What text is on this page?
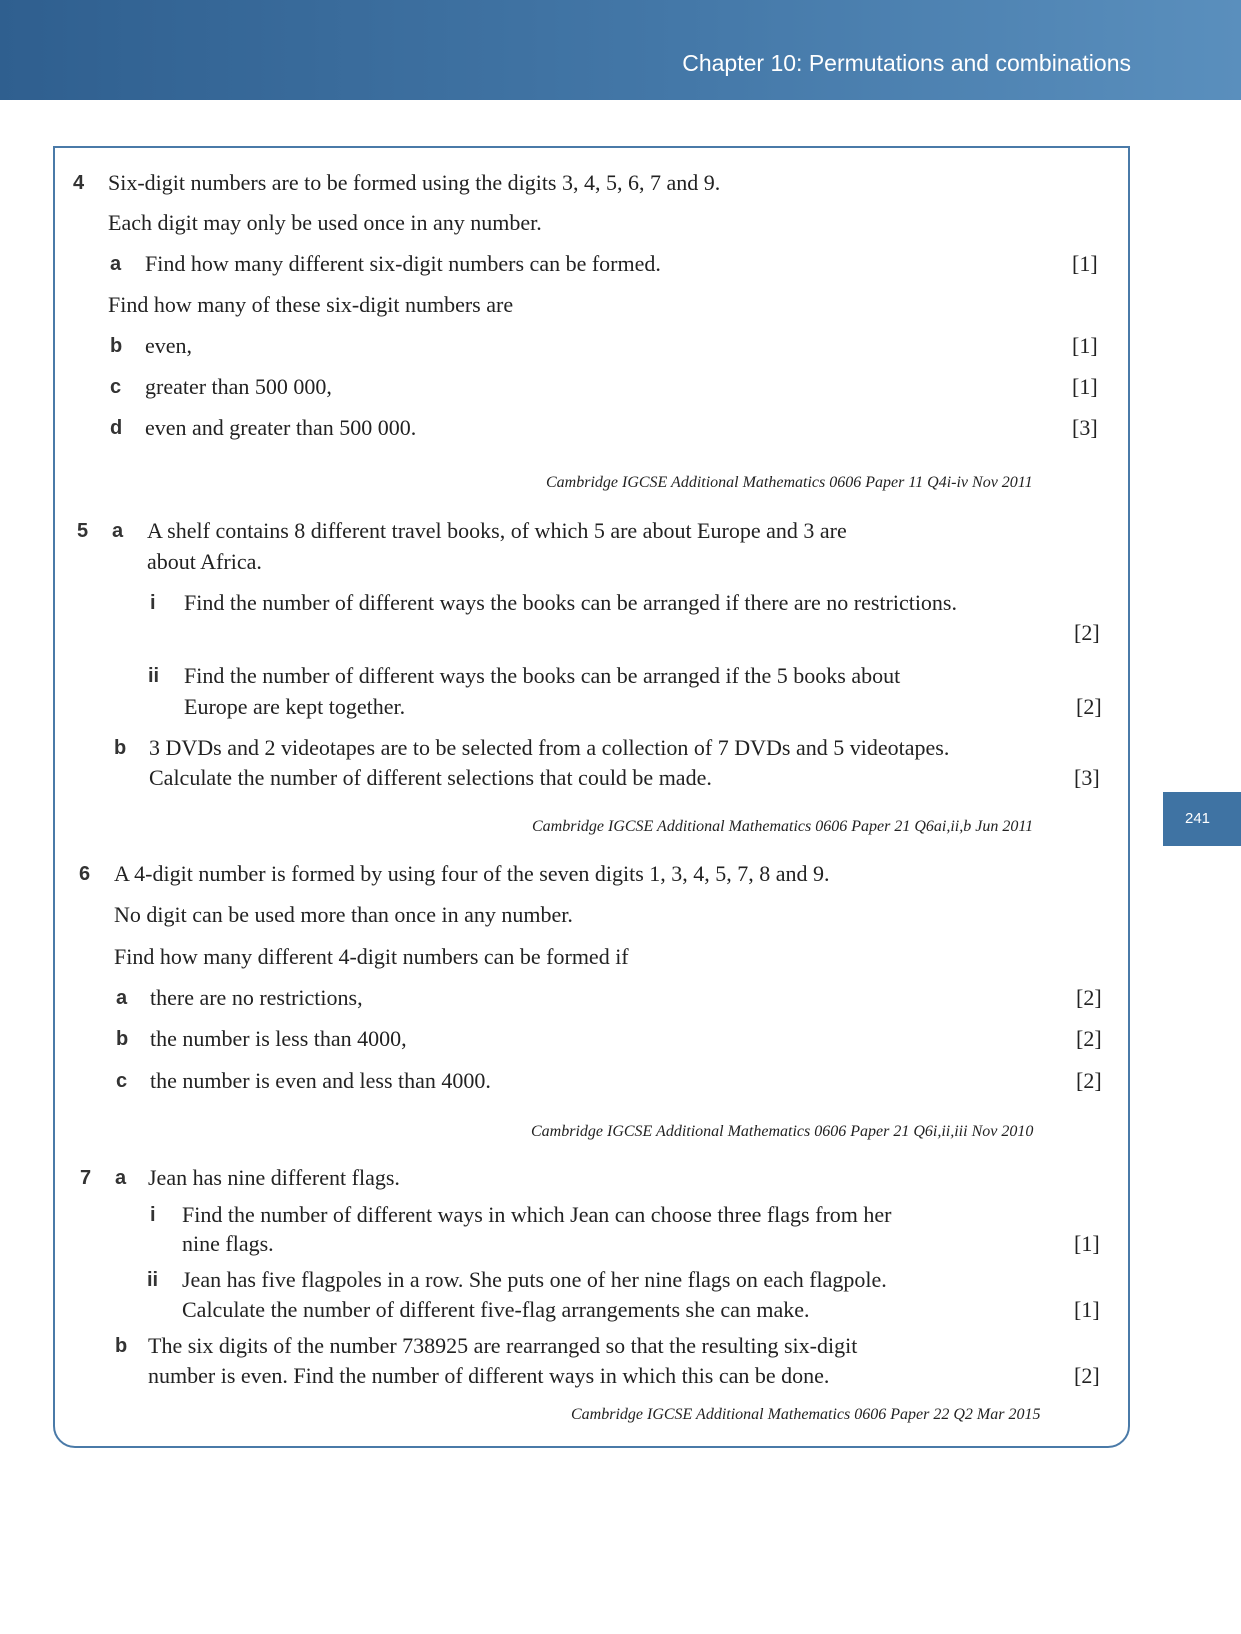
Chapter 10: Permutations and combinations
241
4 Six-digit numbers are to be formed using the digits 3, 4, 5, 6, 7 and 9.
Each digit may only be used once in any number.
a Find how many different six-digit numbers can be formed.	[1]
Find how many of these six-digit numbers are
b even,	[1]
c greater than 500 000,	[1]
d even and greater than 500 000.	[3]
Cambridge IGCSE Additional Mathematics 0606 Paper 11 Q4i-iv Nov 2011
5 a A shelf contains 8 different travel books, of which 5 are about Europe and 3 are
about Africa.
i Find the number of different ways the books can be arranged if there are no restrictions.
[2]
ii Find the number of different ways the books can be arranged if the 5 books about
Europe are kept together.	[2]
b 3 DVDs and 2 videotapes are to be selected from a collection of 7 DVDs and 5 videotapes.
Calculate the number of different selections that could be made.	[3]
Cambridge IGCSE Additional Mathematics 0606 Paper 21 Q6ai,ii,b Jun 2011
6 A 4-digit number is formed by using four of the seven digits 1, 3, 4, 5, 7, 8 and 9.
No digit can be used more than once in any number.
Find how many different 4-digit numbers can be formed if
a there are no restrictions,	[2]
b the number is less than 4000,	[2]
c the number is even and less than 4000.	[2]
Cambridge IGCSE Additional Mathematics 0606 Paper 21 Q6i,ii,iii Nov 2010
7 a Jean has nine different flags.
i Find the number of different ways in which Jean can choose three flags from her
nine flags.	[1]
ii Jean has five flagpoles in a row. She puts one of her nine flags on each flagpole.
Calculate the number of different five-flag arrangements she can make.	[1]
b The six digits of the number 738925 are rearranged so that the resulting six-digit
number is even. Find the number of different ways in which this can be done.	[2]
Cambridge IGCSE Additional Mathematics 0606 Paper 22 Q2 Mar 2015
